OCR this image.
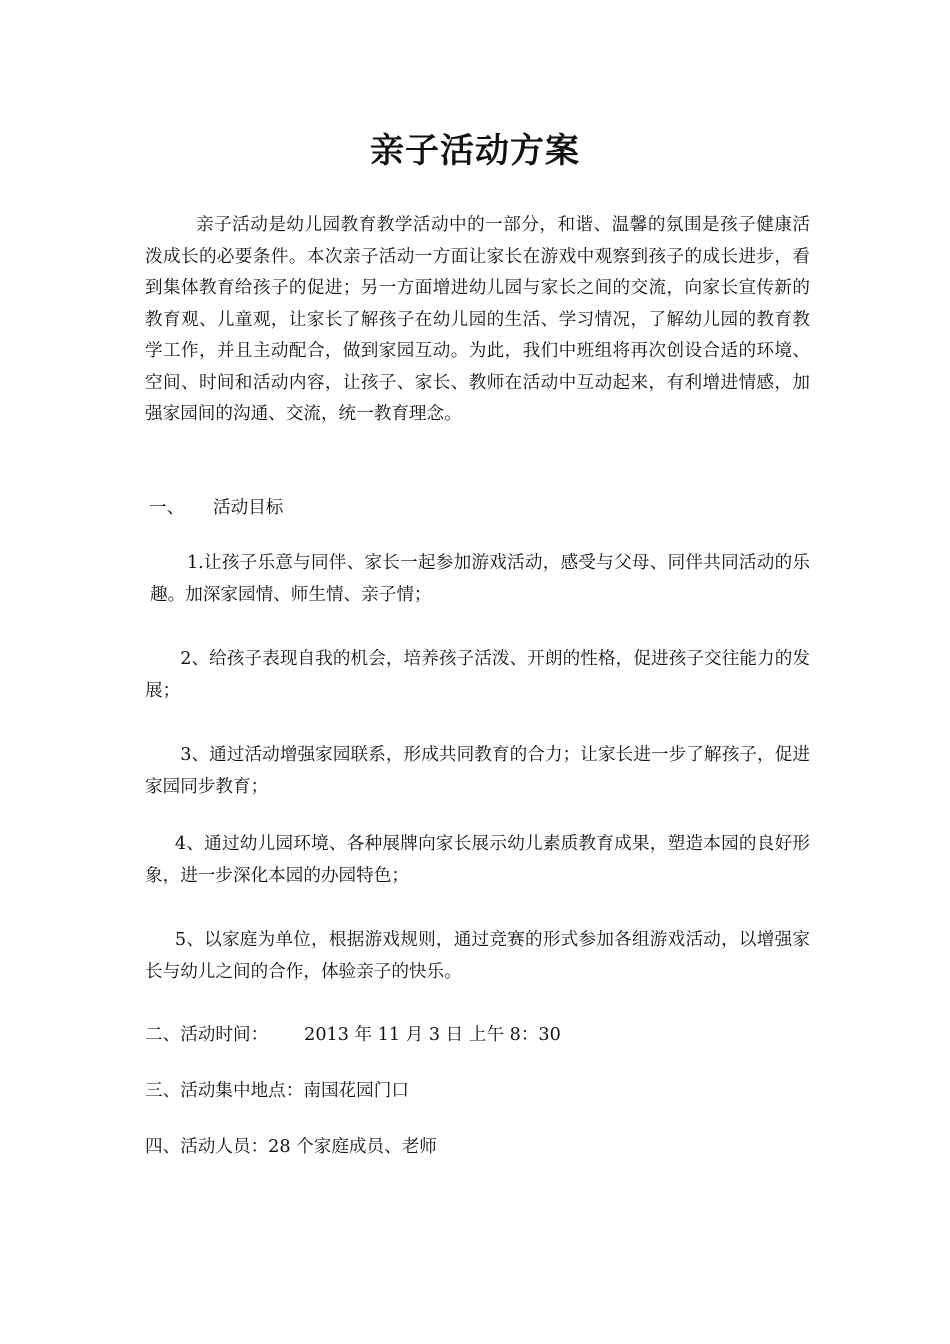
亲子活动方案

亲子活动是幼儿园教育教学活动中的一部分，和谐、温馨的氛围是孩子健康活泼成长的必要条件。本次亲子活动一方面让家长在游戏中观察到孩子的成长进步，看到集体教育给孩子的促进；另一方面增进幼儿园与家长之间的交流，向家长宣传新的教育观、儿童观，让家长了解孩子在幼儿园的生活、学习情况，了解幼儿园的教育教学工作，并且主动配合，做到家园互动。为此，我们中班组将再次创设合适的环境、空间、时间和活动内容，让孩子、家长、教师在活动中互动起来，有利增进情感，加强家园间的沟通、交流，统一教育理念。

一、 活动目标

1.让孩子乐意与同伴、家长一起参加游戏活动，感受与父母、同伴共同活动的乐趣。加深家园情、师生情、亲子情；

2、给孩子表现自我的机会，培养孩子活泼、开朗的性格，促进孩子交往能力的发展；

3、通过活动增强家园联系，形成共同教育的合力；让家长进一步了解孩子，促进家园同步教育；

4、通过幼儿园环境、各种展牌向家长展示幼儿素质教育成果，塑造本园的良好形象，进一步深化本园的办园特色；

5、以家庭为单位，根据游戏规则，通过竞赛的形式参加各组游戏活动，以增强家长与幼儿之间的合作，体验亲子的快乐。

二、活动时间： 2013 年 11 月 3 日 上午 8：30
三、活动集中地点：南国花园门口
四、活动人员：28 个家庭成员、老师
